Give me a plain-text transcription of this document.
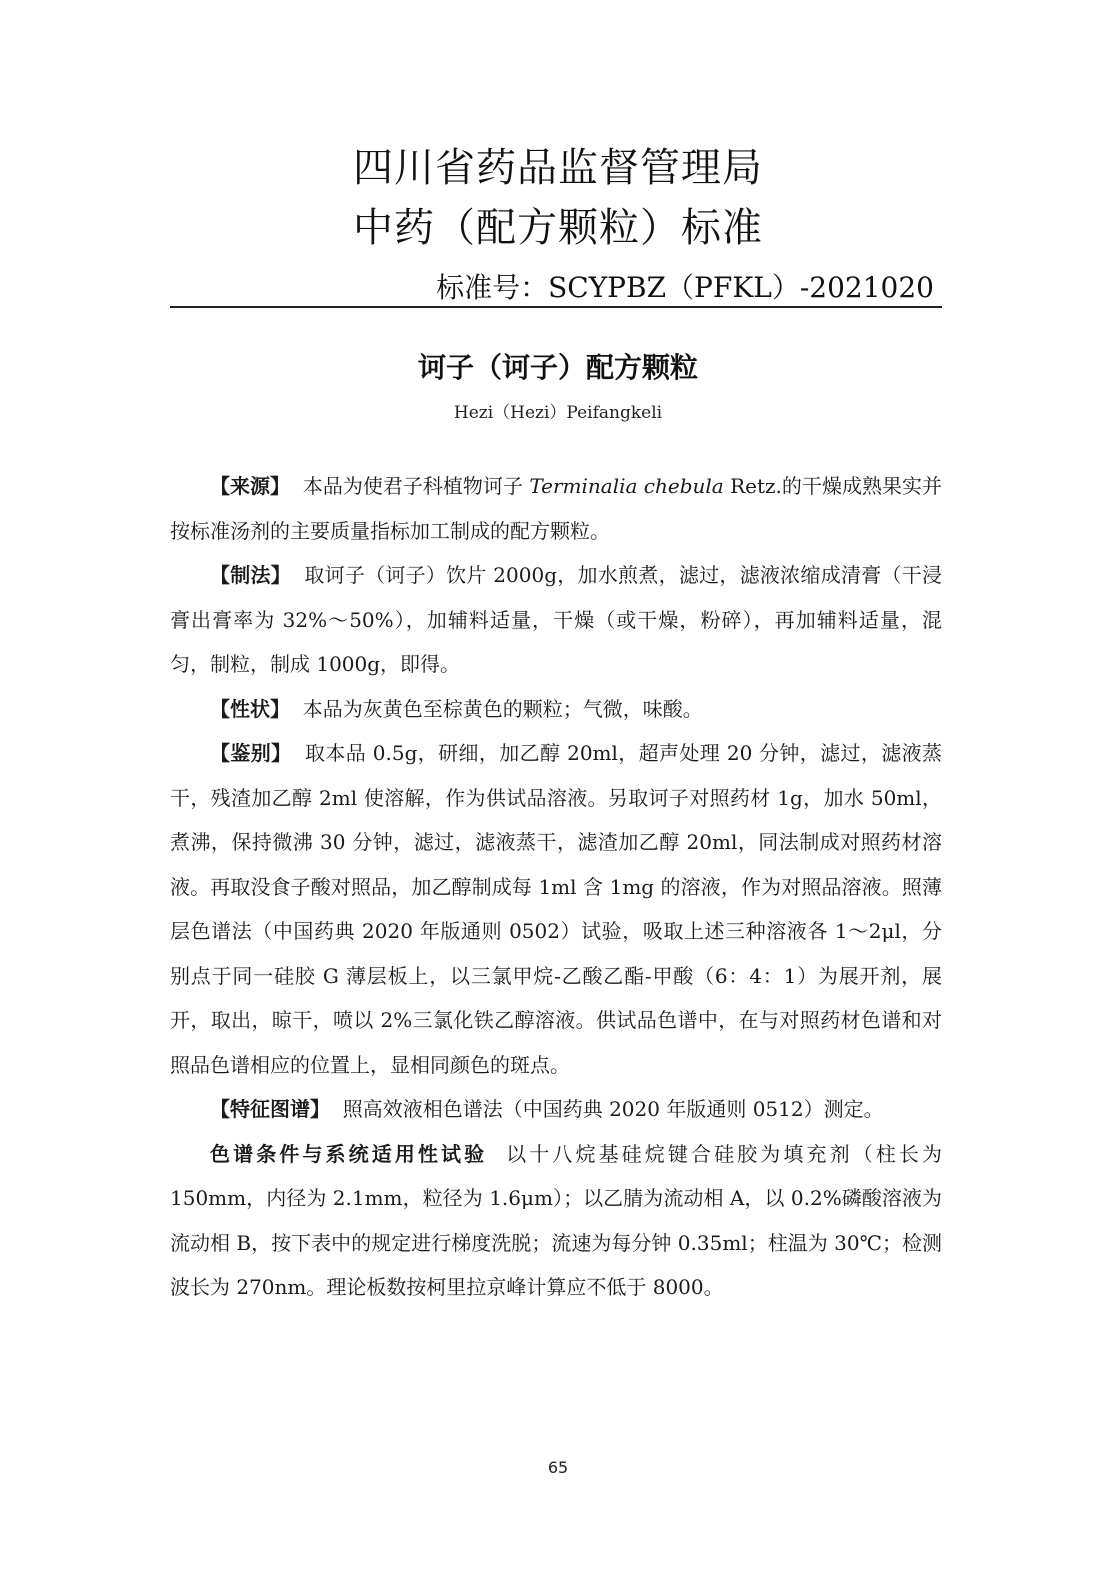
四川省药品监督管理局
中药（配方颗粒）标准
标准号：SCYPBZ（PFKL）-2021020
诃子（诃子）配方颗粒
Hezi（Hezi）Peifangkeli

【来源】 本品为使君子科植物诃子 Terminalia chebula Retz.的干燥成熟果实并按标准汤剂的主要质量指标加工制成的配方颗粒。

【制法】 取诃子（诃子）饮片 2000g，加水煎煮，滤过，滤液浓缩成清膏（干浸膏出膏率为 32%～50%），加辅料适量，干燥（或干燥，粉碎），再加辅料适量，混匀，制粒，制成 1000g，即得。

【性状】 本品为灰黄色至棕黄色的颗粒；气微，味酸。

【鉴别】 取本品 0.5g，研细，加乙醇 20ml，超声处理 20 分钟，滤过，滤液蒸干，残渣加乙醇 2ml 使溶解，作为供试品溶液。另取诃子对照药材 1g，加水 50ml，煮沸，保持微沸 30 分钟，滤过，滤液蒸干，滤渣加乙醇 20ml，同法制成对照药材溶液。再取没食子酸对照品，加乙醇制成每 1ml 含 1mg 的溶液，作为对照品溶液。照薄层色谱法（中国药典 2020 年版通则 0502）试验，吸取上述三种溶液各 1～2μl，分别点于同一硅胶 G 薄层板上，以三氯甲烷-乙酸乙酯-甲酸（6：4：1）为展开剂，展开，取出，晾干，喷以 2%三氯化铁乙醇溶液。供试品色谱中，在与对照药材色谱和对照品色谱相应的位置上，显相同颜色的斑点。

【特征图谱】 照高效液相色谱法（中国药典 2020 年版通则 0512）测定。

色谱条件与系统适用性试验 以十八烷基硅烷键合硅胶为填充剂（柱长为 150mm，内径为 2.1mm，粒径为 1.6μm）；以乙腈为流动相 A，以 0.2%磷酸溶液为流动相 B，按下表中的规定进行梯度洗脱；流速为每分钟 0.35ml；柱温为 30℃；检测波长为 270nm。理论板数按柯里拉京峰计算应不低于 8000。

65
